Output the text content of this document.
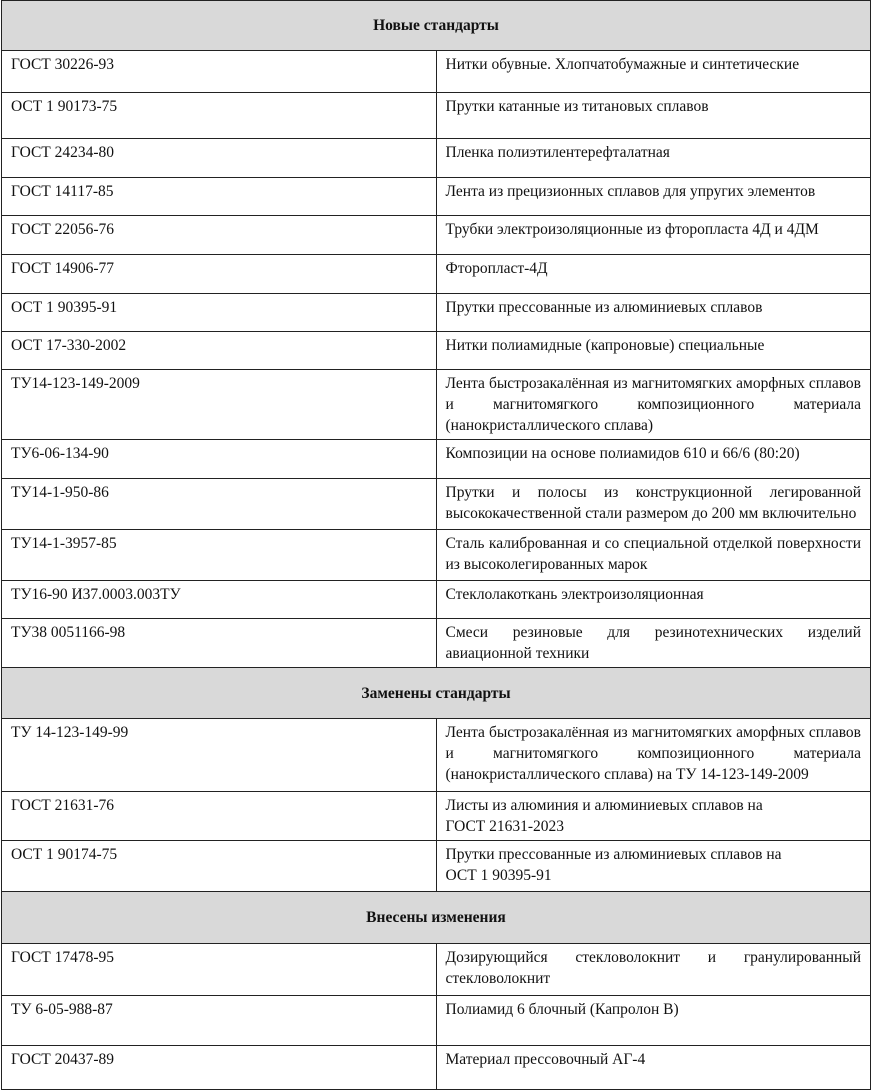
Новые стандарты	
ГОСТ 30226-93	Нитки обувные. Хлопчатобумажные и синтетические
ОСТ 1 90173-75	Прутки катанные из титановых сплавов
ГОСТ 24234-80	Пленка полиэтилентерефталатная
ГОСТ 14117-85	Лента из прецизионных сплавов для упругих элементов
ГОСТ 22056-76	Трубки электроизоляционные из фторопласта 4Д и 4ДМ
ГОСТ 14906-77	Фторопласт-4Д
ОСТ 1 90395-91	Прутки прессованные из алюминиевых сплавов
ОСТ 17-330-2002	Нитки полиамидные (капроновые) специальные
ТУ14-123-149-2009	Лента быстрозакалённая из магнитомягких аморфных сплавов и магнитомягкого композиционного материала (нанокристаллического сплава)
ТУ6-06-134-90	Композиции на основе полиамидов 610 и 66/6 (80:20)
ТУ14-1-950-86	Прутки и полосы из конструкционной легированной высококачественной стали размером до 200 мм включительно
ТУ14-1-3957-85	Сталь калиброванная и со специальной отделкой поверхности из высоколегированных марок
ТУ16-90 И37.0003.003ТУ	Стеклолакоткань электроизоляционная
ТУ38 0051166-98	Смеси резиновые для резинотехнических изделий авиационной техники
Заменены стандарты	
ТУ 14-123-149-99	Лента быстрозакалённая из магнитомягких аморфных сплавов и магнитомягкого композиционного материала (нанокристаллического сплава) на ТУ 14-123-149-2009
ГОСТ 21631-76	Листы из алюминия и алюминиевых сплавов на
ГОСТ 21631-2023
ОСТ 1 90174-75	Прутки прессованные из алюминиевых сплавов на
ОСТ 1 90395-91
Внесены изменения	
ГОСТ 17478-95	Дозирующийся стекловолокнит и гранулированный стекловолокнит
ТУ 6-05-988-87	Полиамид 6 блочный (Капролон В)
ГОСТ 20437-89	Материал прессовочный АГ-4
